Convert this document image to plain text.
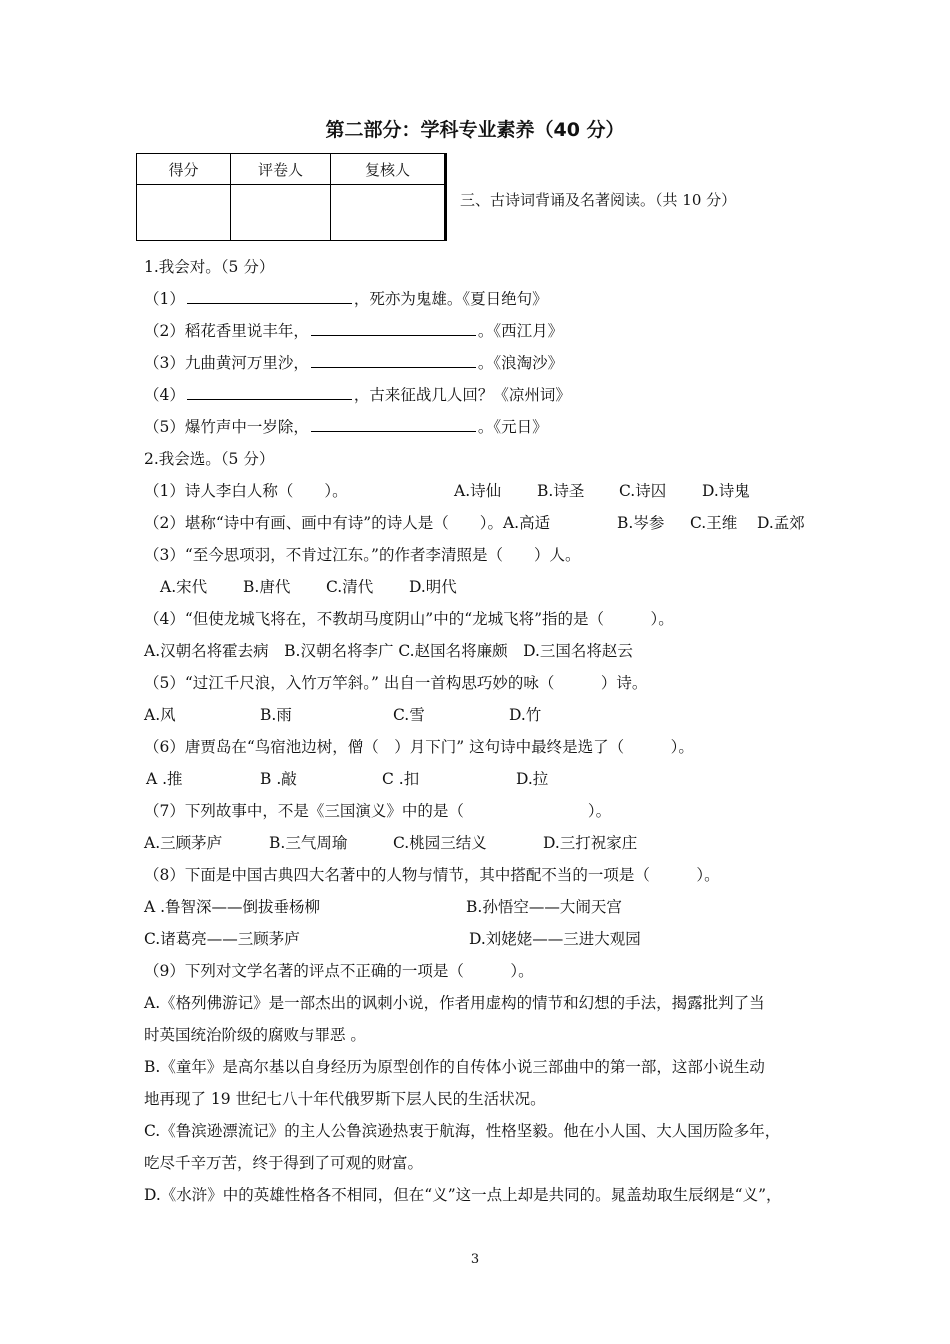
第二部分：学科专业素养（40 分）
得分	评卷人	复核人

三、古诗词背诵及名著阅读。（共 10 分）
1.我会对。（5 分）
（1）	，死亦为鬼雄。《夏日绝句》
（2）稻花香里说丰年，	。《西江月》
（3）九曲黄河万里沙，	。《浪淘沙》
（4）	，古来征战几人回？《凉州词》
（5）爆竹声中一岁除，	。《元日》
2.我会选。（5 分）
（1）诗人李白人称（　　）。	A.诗仙 B.诗圣 C.诗囚 D.诗鬼
（2）堪称“诗中有画、画中有诗”的诗人是（　　）。A.高适	B.岑参 C.王维 D.孟郊
（3）“至今思项羽，不肯过江东。”的作者李清照是（　　）人。
A.宋代 B.唐代 C.清代 D.明代
（4）“但使龙城飞将在，不教胡马度阴山”中的“龙城飞将”指的是（　　　）。
A.汉朝名将霍去病　B.汉朝名将李广 C.赵国名将廉颇　D.三国名将赵云
（5）“过江千尺浪，入竹万竿斜。” 出自一首构思巧妙的咏（　　　）诗。
A.风	B.雨	C.雪	D.竹
（6）唐贾岛在“鸟宿池边树，僧（　）月下门” 这句诗中最终是选了（　　　）。
A .推	B .敲	C .扣	D.拉
（7）下列故事中，不是《三国演义》中的是（　　　　　　　　）。
A.三顾茅庐	B.三气周瑜	C.桃园三结义	D.三打祝家庄
（8）下面是中国古典四大名著中的人物与情节，其中搭配不当的一项是（　　　）。
A .鲁智深——倒拔垂杨柳	B.孙悟空——大闹天宫
C.诸葛亮——三顾茅庐	D.刘姥姥——三进大观园
（9）下列对文学名著的评点不正确的一项是（　　　）。
A.《格列佛游记》是一部杰出的讽刺小说，作者用虚构的情节和幻想的手法，揭露批判了当
时英国统治阶级的腐败与罪恶 。
B.《童年》是高尔基以自身经历为原型创作的自传体小说三部曲中的第一部，这部小说生动
地再现了 19 世纪七八十年代俄罗斯下层人民的生活状况。
C.《鲁滨逊漂流记》的主人公鲁滨逊热衷于航海，性格坚毅。他在小人国、大人国历险多年，
吃尽千辛万苦，终于得到了可观的财富。
D.《水浒》中的英雄性格各不相同，但在“义”这一点上却是共同的。晁盖劫取生辰纲是“义”，
3
